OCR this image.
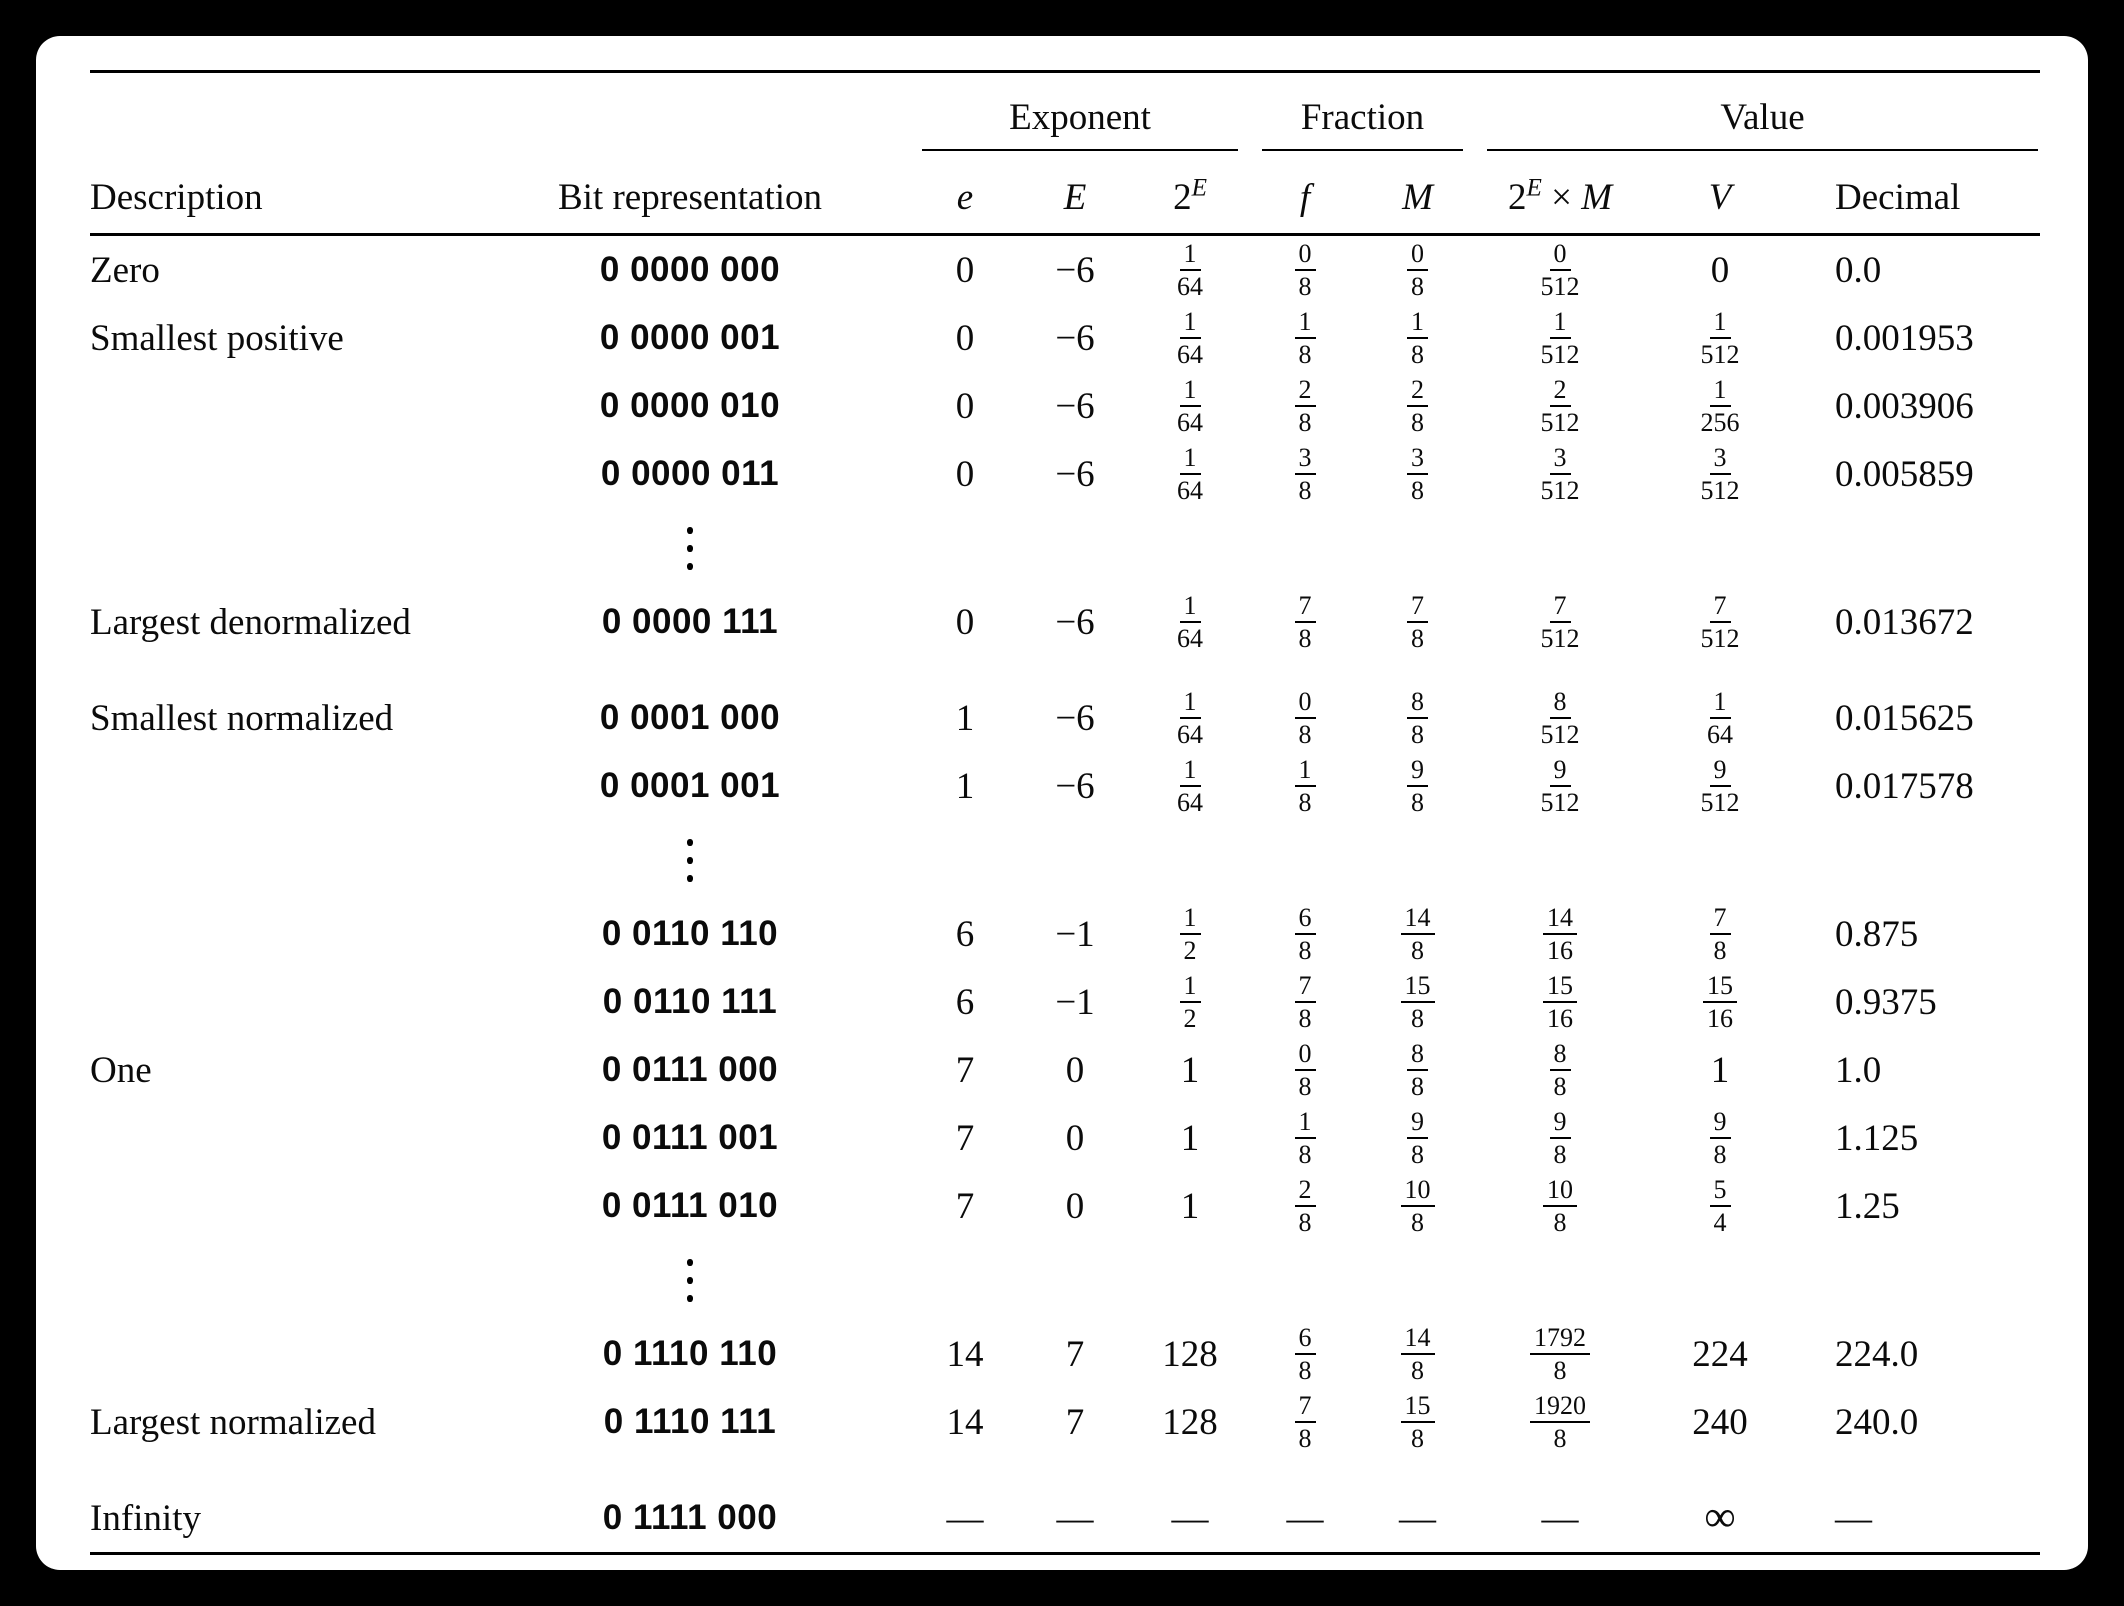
		Exponent			Fraction		Value		

Description	Bit representation	e	E	$2^E$	f	M	$2^E \times M$	V	Decimal
Zero	0 0000 000	0	−6	$\frac{1}{64}$	$\frac{0}{8}$	$\frac{0}{8}$	$\frac{0}{512}$	0	0.0
Smallest positive	0 0000 001	0	−6	$\frac{1}{64}$	$\frac{1}{8}$	$\frac{1}{8}$	$\frac{1}{512}$	$\frac{1}{512}$	0.001953
	0 0000 010	0	−6	$\frac{1}{64}$	$\frac{2}{8}$	$\frac{2}{8}$	$\frac{2}{512}$	$\frac{1}{256}$	0.003906
	0 0000 011	0	−6	$\frac{1}{64}$	$\frac{3}{8}$	$\frac{3}{8}$	$\frac{3}{512}$	$\frac{3}{512}$	0.005859

Largest denormalized	0 0000 111	0	−6	$\frac{1}{64}$	$\frac{7}{8}$	$\frac{7}{8}$	$\frac{7}{512}$	$\frac{7}{512}$	0.013672
Smallest normalized	0 0001 000	1	−6	$\frac{1}{64}$	$\frac{0}{8}$	$\frac{8}{8}$	$\frac{8}{512}$	$\frac{1}{64}$	0.015625
	0 0001 001	1	−6	$\frac{1}{64}$	$\frac{1}{8}$	$\frac{9}{8}$	$\frac{9}{512}$	$\frac{9}{512}$	0.017578

	0 0110 110	6	−1	$\frac{1}{2}$	$\frac{6}{8}$	$\frac{14}{8}$	$\frac{14}{16}$	$\frac{7}{8}$	0.875
	0 0110 111	6	−1	$\frac{1}{2}$	$\frac{7}{8}$	$\frac{15}{8}$	$\frac{15}{16}$	$\frac{15}{16}$	0.9375
One	0 0111 000	7	0	1	$\frac{0}{8}$	$\frac{8}{8}$	$\frac{8}{8}$	1	1.0
	0 0111 001	7	0	1	$\frac{1}{8}$	$\frac{9}{8}$	$\frac{9}{8}$	$\frac{9}{8}$	1.125
	0 0111 010	7	0	1	$\frac{2}{8}$	$\frac{10}{8}$	$\frac{10}{8}$	$\frac{5}{4}$	1.25

	0 1110 110	14	7	128	$\frac{6}{8}$	$\frac{14}{8}$	$\frac{1792}{8}$	224	224.0
Largest normalized	0 1110 111	14	7	128	$\frac{7}{8}$	$\frac{15}{8}$	$\frac{1920}{8}$	240	240.0
Infinity	0 1111 000	—	—	—	—	—	—	∞	—
